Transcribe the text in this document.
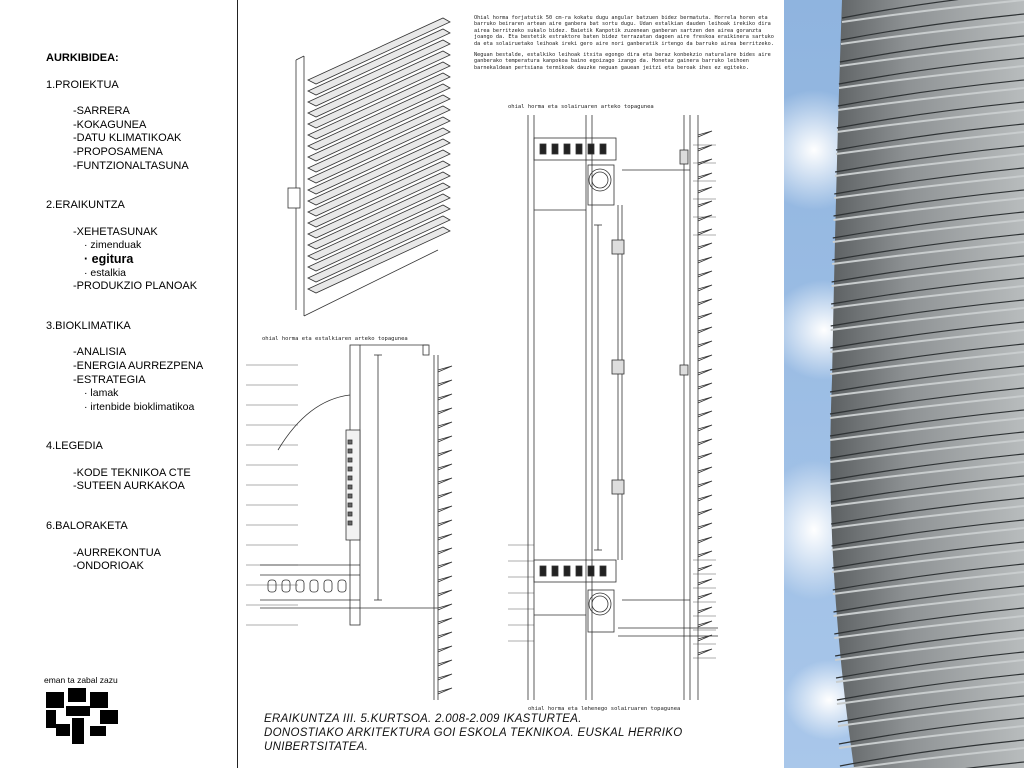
AURKIBIDEA:
1.PROIEKTUA
-SARRERA
-KOKAGUNEA
-DATU KLIMATIKOAK
-PROPOSAMENA
-FUNTZIONALTASUNA
2.ERAIKUNTZA
-XEHETASUNAK
· zimenduak
· egitura
· estalkia
-PRODUKZIO PLANOAK
3.BIOKLIMATIKA
-ANALISIA
-ENERGIA AURREZPENA
-ESTRATEGIA
· lamak
· irtenbide bioklimatikoa
4.LEGEDIA
-KODE TEKNIKOA CTE
-SUTEEN AURKAKOA
6.BALORAKETA
-AURREKONTUA
-ONDORIOAK
eman ta zabal zazu

Ohial horma forjatutik 50 cm-ra kokatu dugu angular batzuen bidez bermatuta. Horrela horen eta barruko beiraren artean aire ganbera bat sortu dugu. Udan estalkian dauden leihoak irekiko dira airea berritzeko sukalo bidez. Baietik Kanpotik zuzenean ganberan sartzen den airea goranzta joango da. Eta bestetik estraktore baten bidez terrazatan dagoen aire freskoa eraikinera sartuko da eta solairuetako leihoak ireki gero aire nori ganberatik irtengo da barruko airea berritzeko.

Neguan bestalde, estalkiko leihoak itxita egongo dira eta beraz konbekzio naturalare bides aire ganberako temperatura kanpokoa baino egoizago izango da. Honetaz gainera barruko leihoen barnekaldean pertsiana termikoak dauzke neguan gauean jeitzi eta beroak ihes ez egiteko.

ohial horma eta solairuaren arteko topagunea
ohial horma eta estalkiaren arteko topagunea
ohial horma eta lehenego solairuaren topagunea
ERAIKUNTZA III. 5.KURTSOA. 2.008-2.009 IKASTURTEA.
DONOSTIAKO ARKITEKTURA GOI ESKOLA TEKNIKOA. EUSKAL HERRIKO UNIBERTSITATEA.
